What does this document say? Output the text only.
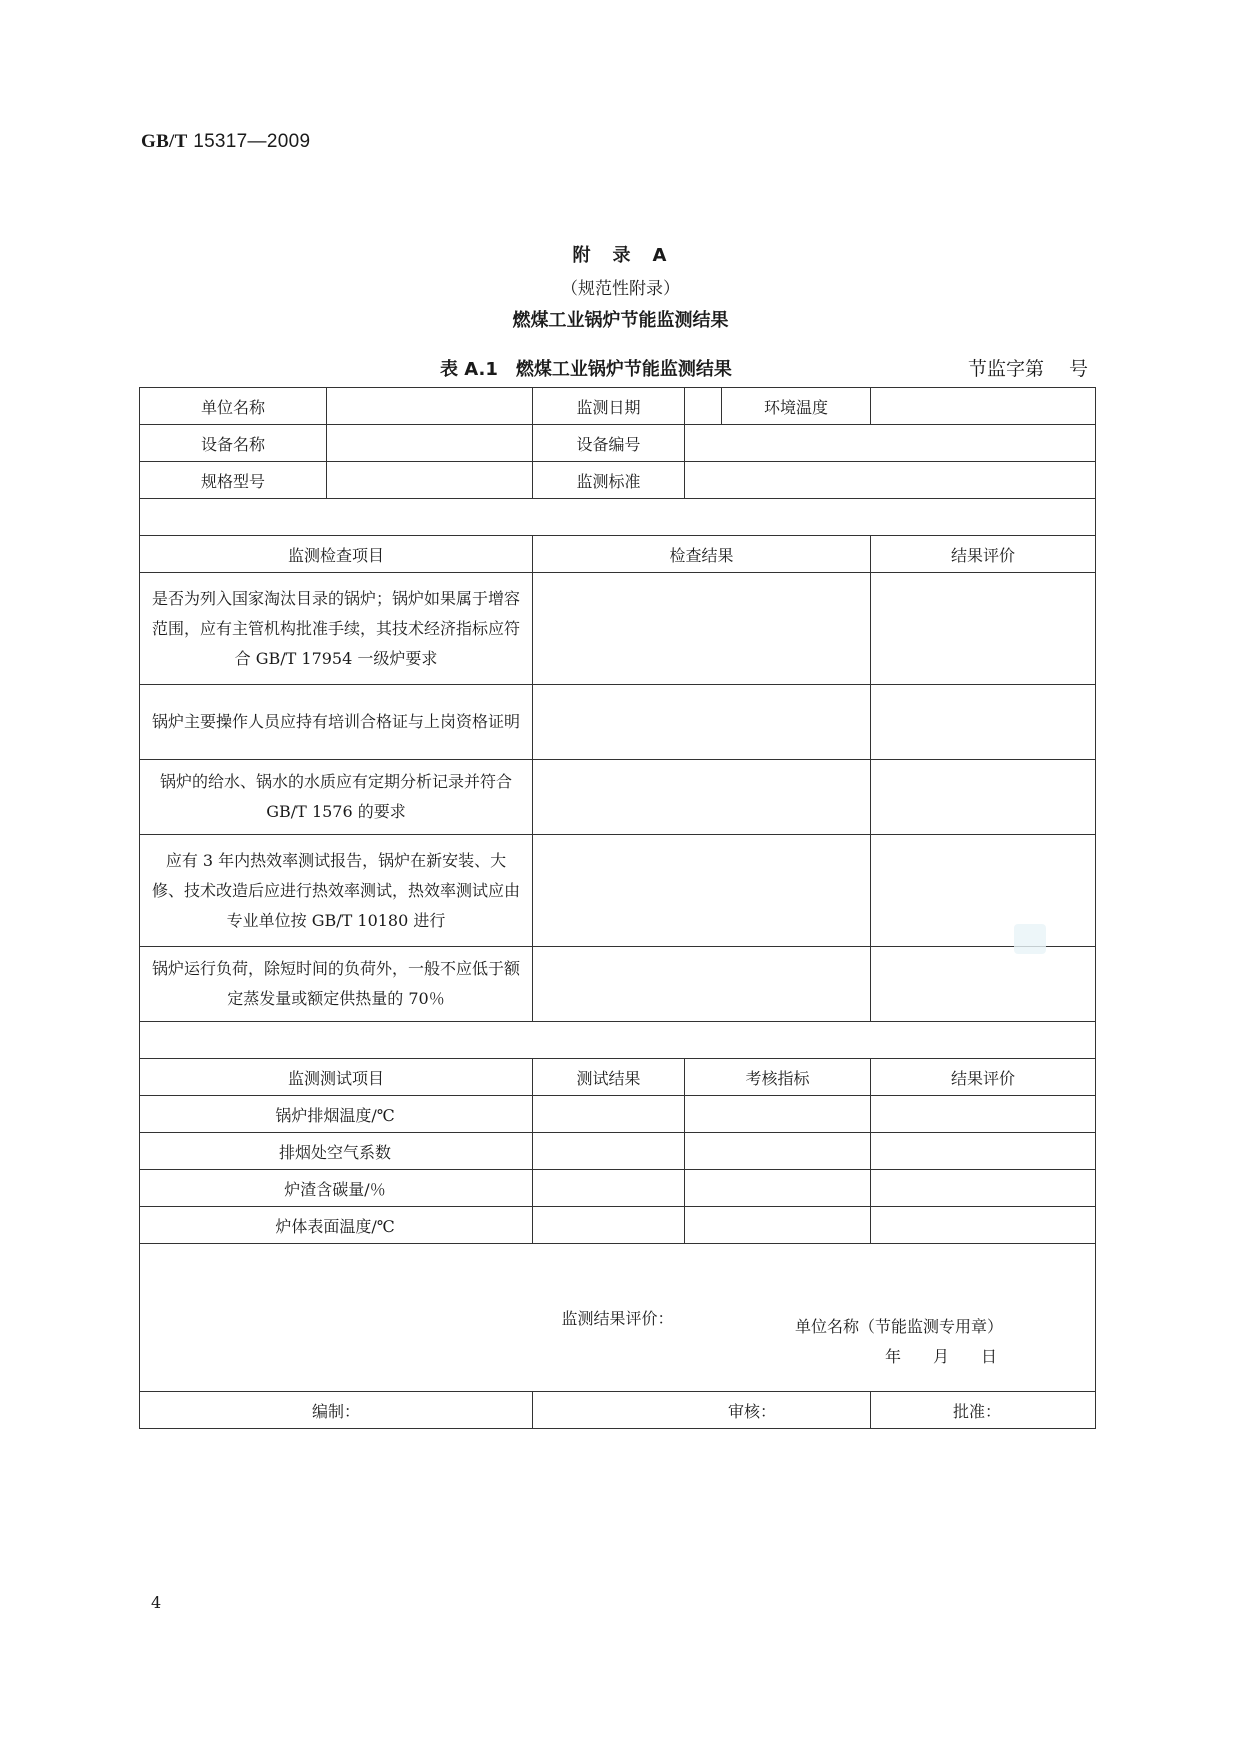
GB/T 15317—2009
附　录　A
（规范性附录）
燃煤工业锅炉节能监测结果
表 A.1　燃煤工业锅炉节能监测结果	节监字第　 号
单位名称		监测日期		环境温度	
设备名称		设备编号			
规格型号		监测标准			

监测检查项目		检查结果			结果评价
是否为列入国家淘汰目录的锅炉；锅炉如果属于增容范围，应有主管机构批准手续，其技术经济指标应符合 GB/T 17954 一级炉要求					
锅炉主要操作人员应持有培训合格证与上岗资格证明					
锅炉的给水、锅水的水质应有定期分析记录并符合 GB/T 1576 的要求					
应有 3 年内热效率测试报告，锅炉在新安装、大修、技术改造后应进行热效率测试，热效率测试应由专业单位按 GB/T 10180 进行					
锅炉运行负荷，除短时间的负荷外，一般不应低于额定蒸发量或额定供热量的 70％					

监测测试项目		测试结果	考核指标		结果评价
锅炉排烟温度/℃					
排烟处空气系数					
炉渣含碳量/％					
炉体表面温度/℃					

监测结果评价： 单位名称（节能监测专用章）
年　　月　　日					

编制：		审核：			批准：
4
